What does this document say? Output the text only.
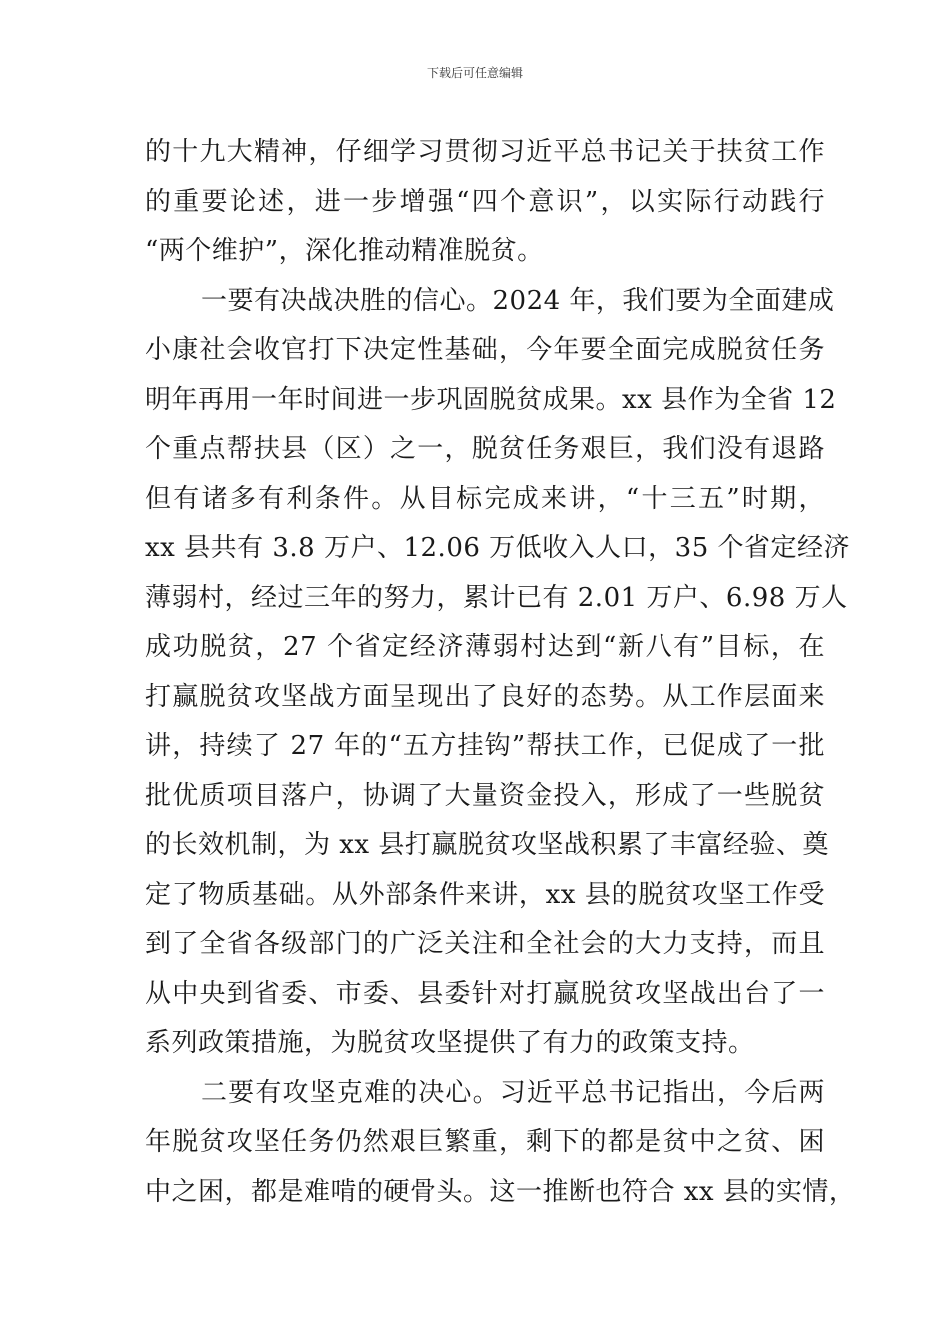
下载后可任意编辑
的十九大精神，仔细学习贯彻习近平总书记关于扶贫工作
的重要论述，进一步增强“四个意识”，以实际行动践行
“两个维护”，深化推动精准脱贫。
一要有决战决胜的信心。2024 年，我们要为全面建成
小康社会收官打下决定性基础，今年要全面完成脱贫任务
明年再用一年时间进一步巩固脱贫成果。xx 县作为全省 12
个重点帮扶县（区）之一，脱贫任务艰巨，我们没有退路
但有诸多有利条件。从目标完成来讲，“十三五”时期，
xx 县共有 3.8 万户、12.06 万低收入人口，35 个省定经济
薄弱村，经过三年的努力，累计已有 2.01 万户、6.98 万人
成功脱贫，27 个省定经济薄弱村达到“新八有”目标，在
打赢脱贫攻坚战方面呈现出了良好的态势。从工作层面来
讲，持续了 27 年的“五方挂钩”帮扶工作，已促成了一批
批优质项目落户，协调了大量资金投入，形成了一些脱贫
的长效机制，为 xx 县打赢脱贫攻坚战积累了丰富经验、奠
定了物质基础。从外部条件来讲，xx 县的脱贫攻坚工作受
到了全省各级部门的广泛关注和全社会的大力支持，而且
从中央到省委、市委、县委针对打赢脱贫攻坚战出台了一
系列政策措施，为脱贫攻坚提供了有力的政策支持。
二要有攻坚克难的决心。习近平总书记指出，今后两
年脱贫攻坚任务仍然艰巨繁重，剩下的都是贫中之贫、困
中之困，都是难啃的硬骨头。这一推断也符合 xx 县的实情，
